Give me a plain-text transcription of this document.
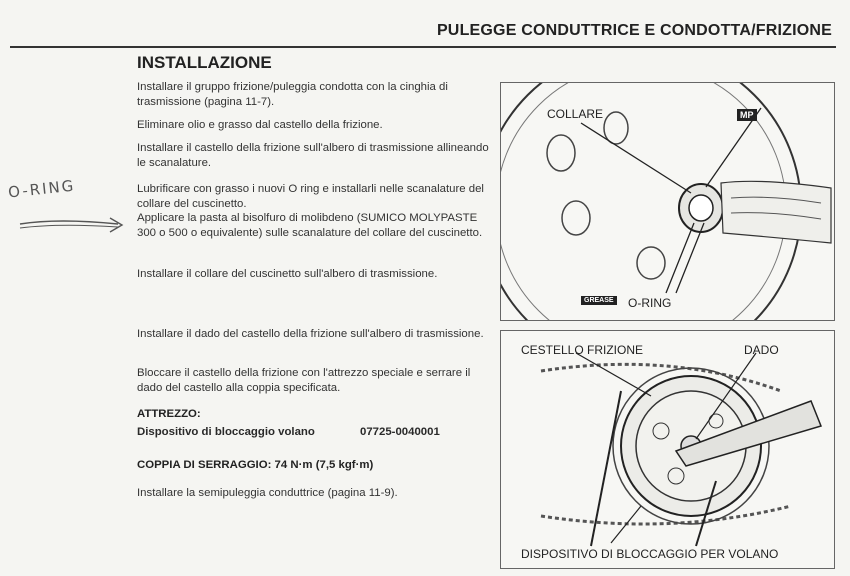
PULEGGE CONDUTTRICE E CONDOTTA/FRIZIONE
INSTALLAZIONE
Installare il gruppo frizione/puleggia condotta con la cinghia di trasmissione (pagina 11-7).
Eliminare olio e grasso dal castello della frizione.
Installare il castello della frizione sull'albero di trasmissione allineando le scanalature.
Lubrificare con grasso i nuovi O ring e installarli nelle scanalature del collare del cuscinetto.
Applicare la pasta al bisolfuro di molibdeno (SUMICO MOLYPASTE 300 o 500 o equivalente) sulle scanalature del collare del cuscinetto.
Installare il collare del cuscinetto sull'albero di trasmissione.
Installare il dado del castello della frizione sull'albero di trasmissione.
Bloccare il castello della frizione con l'attrezzo speciale e serrare il dado del castello alla coppia specificata.
ATTREZZO:
Dispositivo di bloccaggio volano	07725-0040001
COPPIA DI SERRAGGIO: 74 N·m (7,5 kgf·m)
Installare la semipuleggia conduttrice (pagina 11-9).
O-RING
COLLARE
O-RING
MP
GREASE
CESTELLO FRIZIONE	DADO
DISPOSITIVO DI BLOCCAGGIO PER VOLANO
